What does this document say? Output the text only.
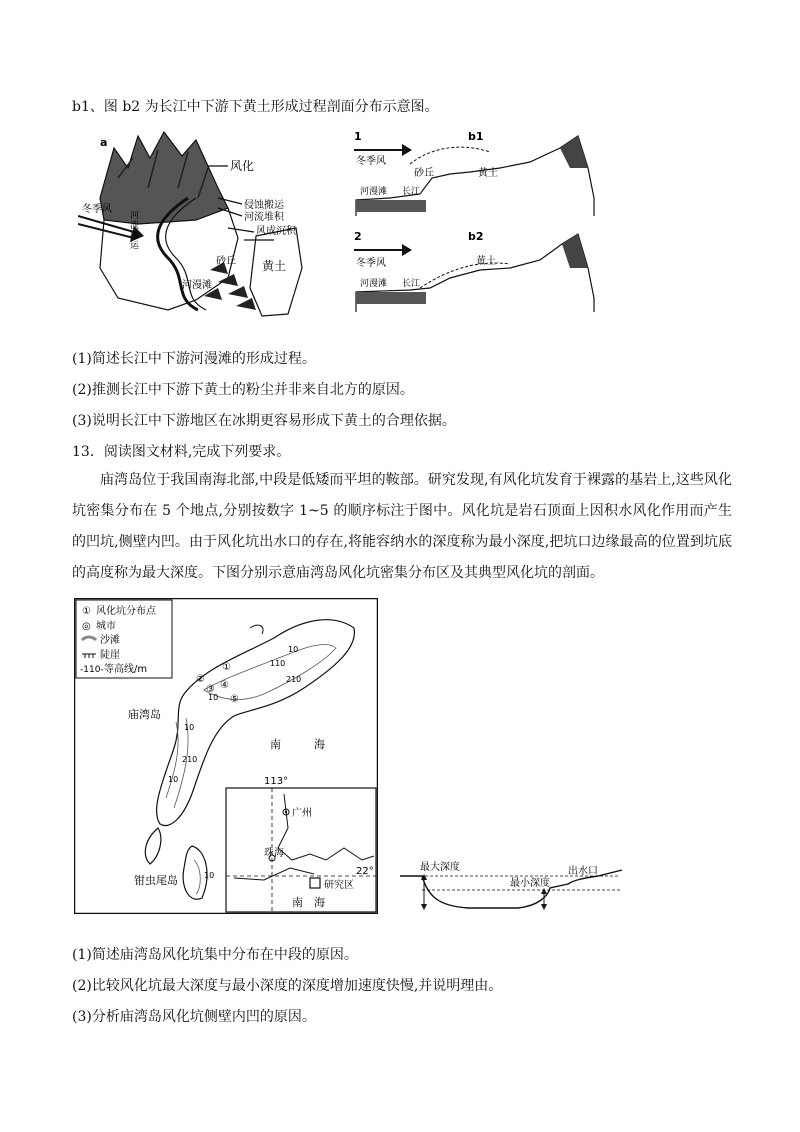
b1、图 b2 为长江中下游下黄土形成过程剖面分布示意图。
a
风化
侵蚀搬运
河流堆积
风成沉积
冬季风
河
流
搬
运
砂丘 黄土
河漫滩
1	b1
冬季风
砂丘	黄土
河漫滩 长江
2	b2
冬季风	黄土
河漫滩 长江
(1)简述长江中下游河漫滩的形成过程。
(2)推测长江中下游下黄土的粉尘并非来自北方的原因。
(3)说明长江中下游地区在冰期更容易形成下黄土的合理依据。
13．阅读图文材料,完成下列要求。
庙湾岛位于我国南海北部,中段是低矮而平坦的鞍部。研究发现,有风化坑发育于裸露的基岩上,这些风化坑密集分布在 5 个地点,分别按数字 1~5 的顺序标注于图中。风化坑是岩石顶面上因积水风化作用而产生的凹坑,侧壁内凹。由于风化坑出水口的存在,将能容纳水的深度称为最小深度,把坑口边缘最高的位置到坑底的高度称为最大深度。下图分别示意庙湾岛风化坑密集分布区及其典型风化坑的剖面。
① 风化坑分布点
◎ 城市
沙滩
陡崖
-110- 等高线/m
10
110
210
10
10
210
10
10
①
②
③ ④
⑤
庙湾岛
南	海
钳虫尾岛
113°
22°
广州
珠海
研究区
南 海
最大深度
最小深度
出水口
(1)简述庙湾岛风化坑集中分布在中段的原因。
(2)比较风化坑最大深度与最小深度的深度增加速度快慢,并说明理由。
(3)分析庙湾岛风化坑侧壁内凹的原因。
